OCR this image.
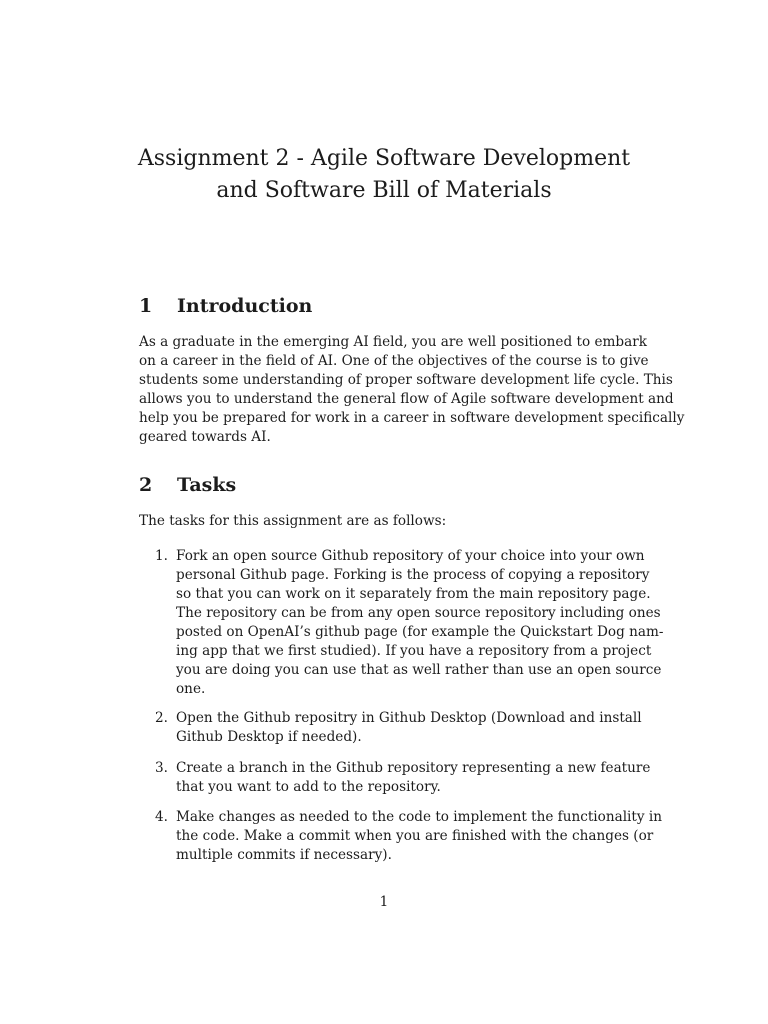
Assignment 2 - Agile Software Development
and Software Bill of Materials
1 Introduction

As a graduate in the emerging AI field, you are well positioned to embark
on a career in the field of AI. One of the objectives of the course is to give
students some understanding of proper software development life cycle. This
allows you to understand the general flow of Agile software development and
help you be prepared for work in a career in software development specifically
geared towards AI.

2 Tasks

The tasks for this assignment are as follows:

1. Fork an open source Github repository of your choice into your own
personal Github page. Forking is the process of copying a repository
so that you can work on it separately from the main repository page.
The repository can be from any open source repository including ones
posted on OpenAI’s github page (for example the Quickstart Dog nam-
ing app that we first studied). If you have a repository from a project
you are doing you can use that as well rather than use an open source
one.
2. Open the Github repositry in Github Desktop (Download and install
Github Desktop if needed).
3. Create a branch in the Github repository representing a new feature
that you want to add to the repository.
4. Make changes as needed to the code to implement the functionality in
the code. Make a commit when you are finished with the changes (or
multiple commits if necessary).

1
